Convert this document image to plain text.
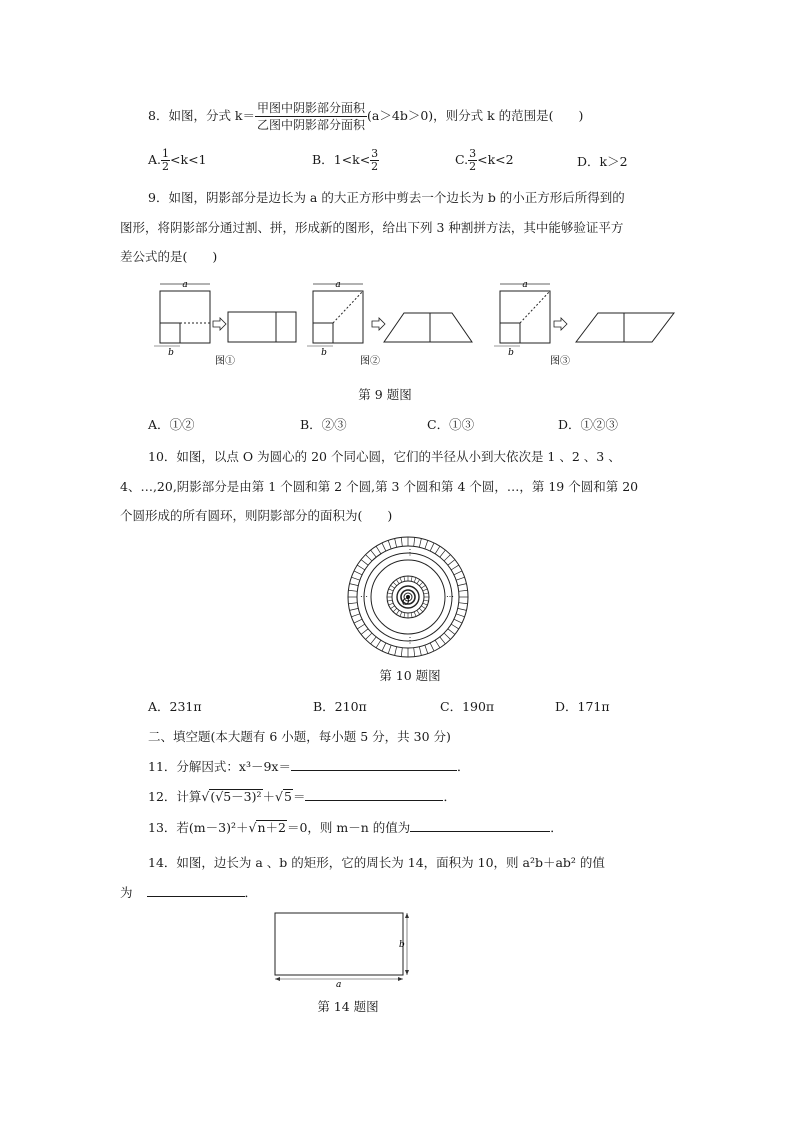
8．如图，分式 $k= \frac{\text{甲图中阴影部分面积}}{\text{乙图中阴影部分面积}} (a>4b>0)$，则分式 k 的范围是(　　)
A. $\frac{1}{2} <k<1$	B．$1<k< \frac{3}{2}$	C. $\frac{3}{2} <k<2$	D．k＞2
9．如图，阴影部分是边长为 a 的大正方形中剪去一个边长为 b 的小正方形后所得到的
图形，将阴影部分通过割、拼，形成新的图形，给出下列 3 种割拼方法，其中能够验证平方
差公式的是(　　)
a
b
图①
a
b
图②
a
b
图③
第 9 题图
A．①②	B．②③	C．①③	D．①②③
10．如图，以点 O 为圆心的 20 个同心圆，它们的半径从小到大依次是 1 、2 、3 、
4、…,20,阴影部分是由第 1 个圆和第 2 个圆,第 3 个圆和第 4 个圆，…，第 19 个圆和第 20
个圆形成的所有圆环，则阴影部分的面积为(　　)
O
⋯	⋯
⋮
⋮
第 10 题图
A．231π	B．210π	C．190π	D．171π
二、填空题(本大题有 6 小题，每小题 5 分，共 30 分)
11．分解因式：x³－9x＝	．
12．计算√(√5－3)²＋√5＝	．
13．若(m－3)²＋√n＋2＝0，则 m－n 的值为	．
14．如图，边长为 a 、b 的矩形，它的周长为 14，面积为 10，则 a²b＋ab² 的值
为	．
b
a
第 14 题图
